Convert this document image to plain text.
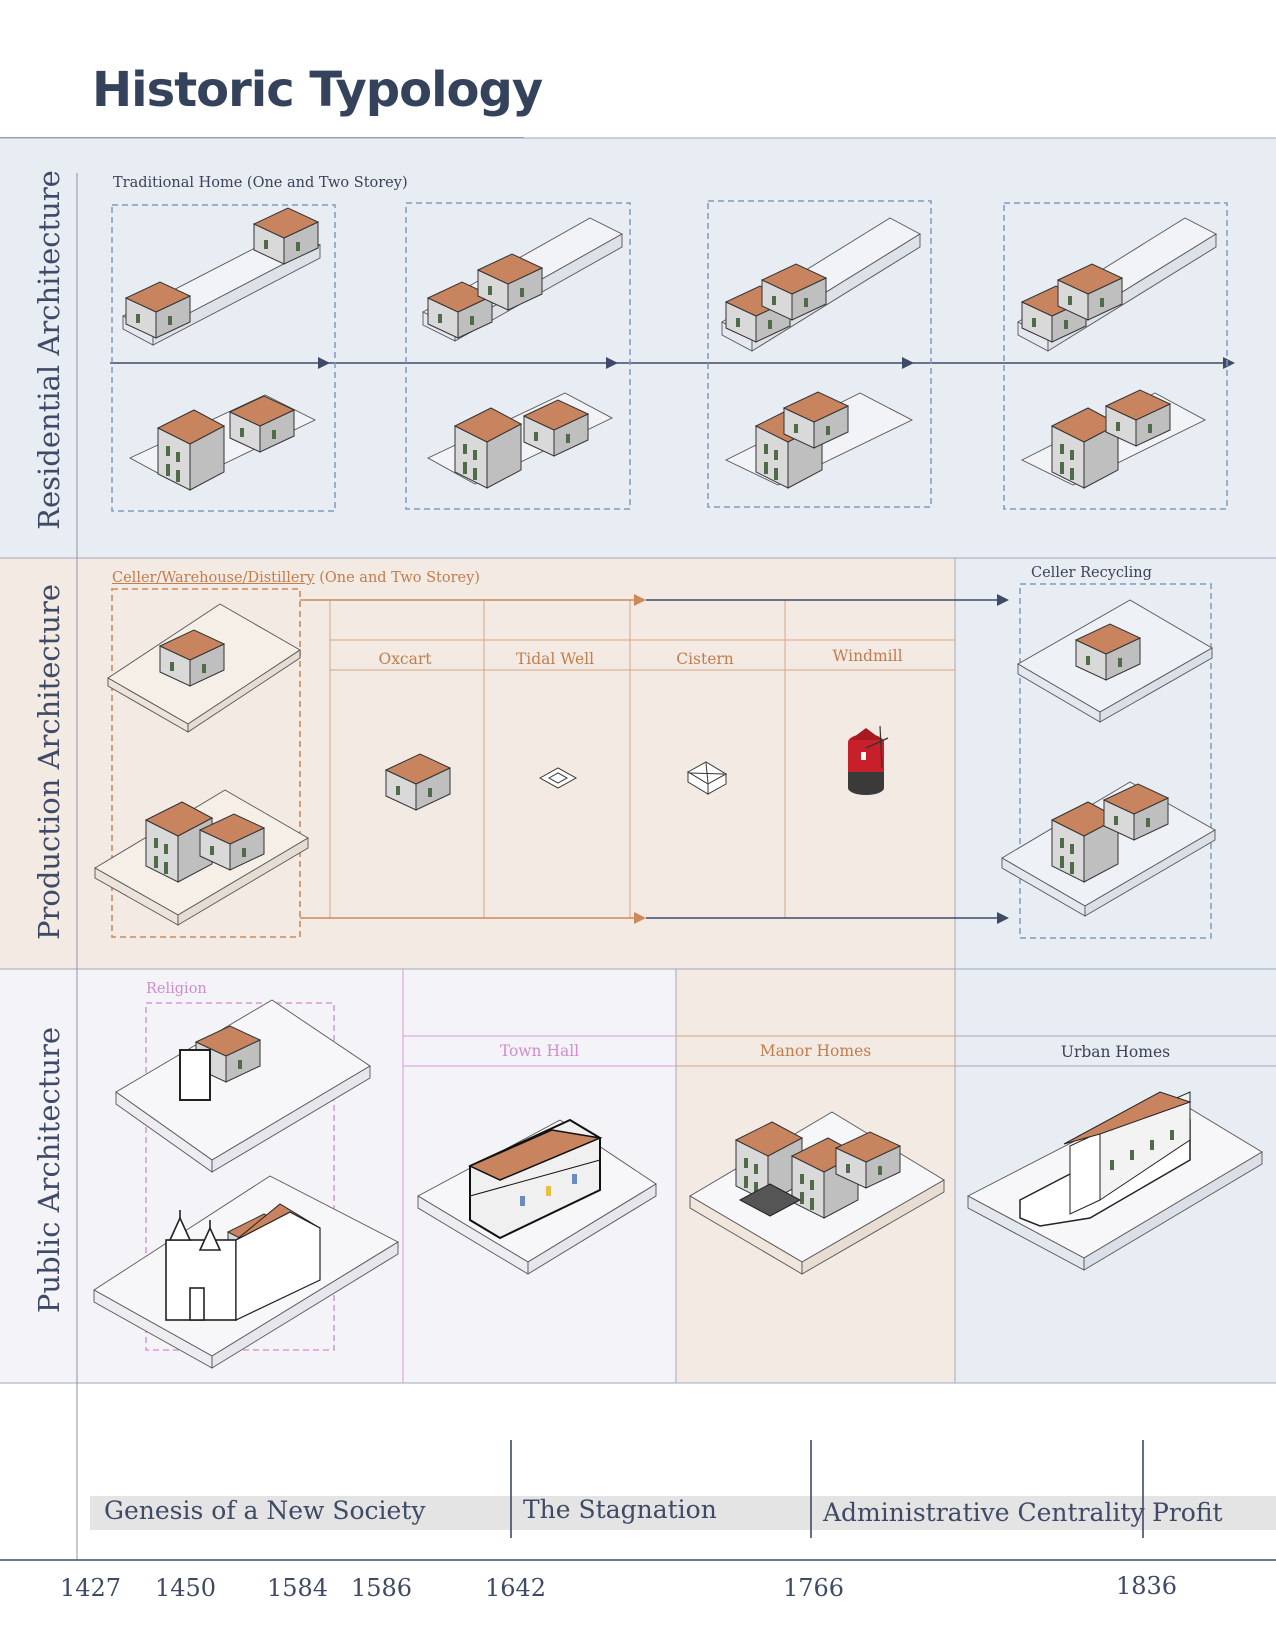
Historic Typology
Residential Architecture
Production Architecture
Public Architecture
Traditional Home (One and Two Storey)
Celler/Warehouse/Distillery (One and Two Storey)	Celler Recycling
Oxcart	Tidal Well	Cistern	Windmill
Religion
Town Hall	Manor Homes	Urban Homes
Genesis of a New Society	The Stagnation	Administrative Centrality Profit
1427 1450 1584 1586	1642	1766	1836
